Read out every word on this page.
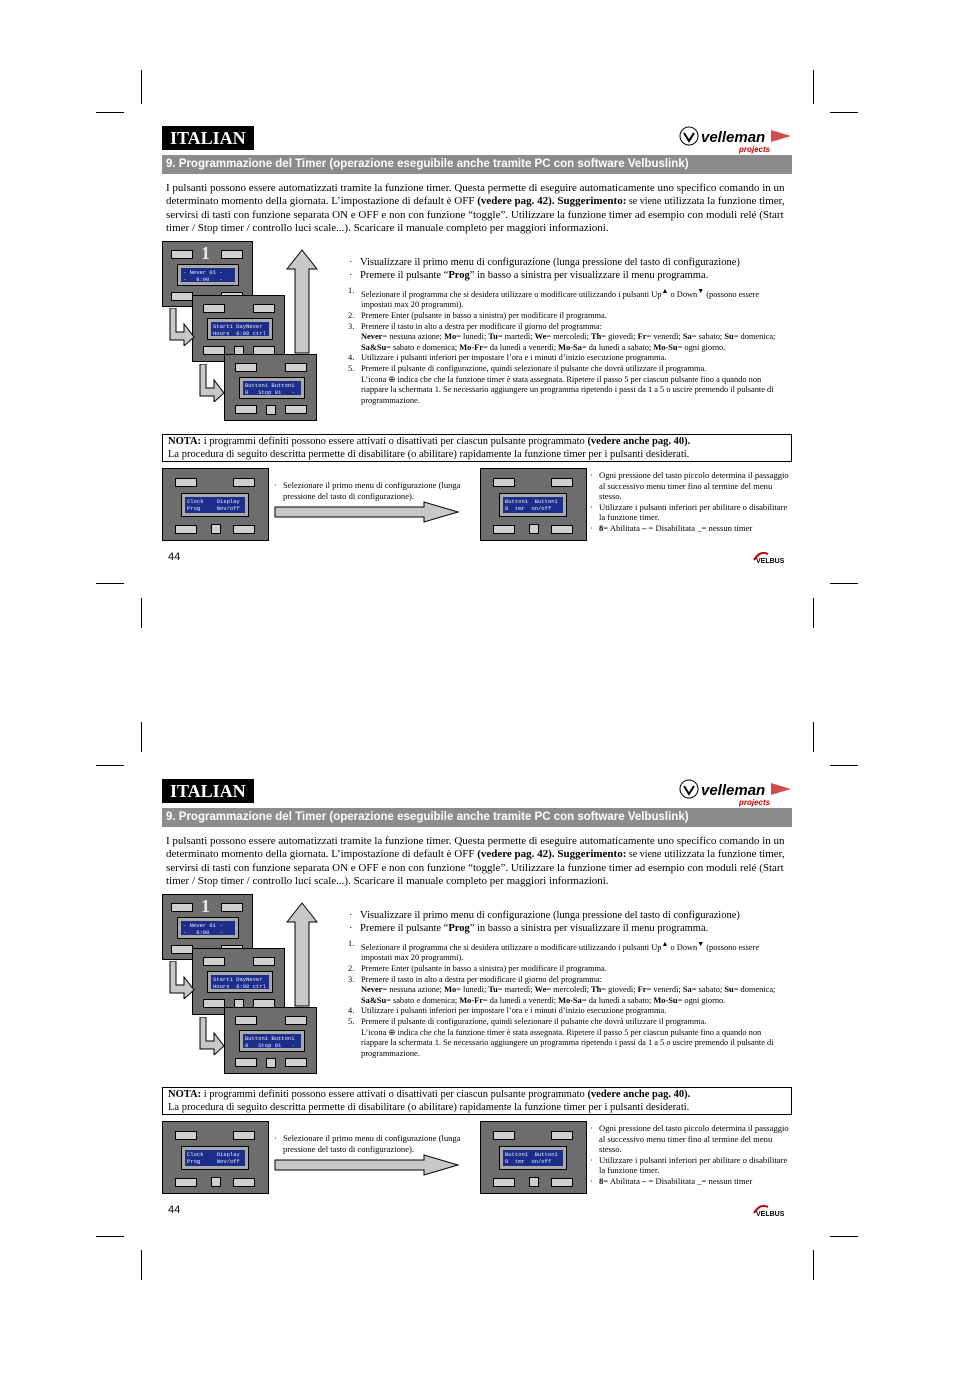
ITALIAN	velleman
projects
9. Programmazione del Timer (operazione eseguibile anche tramite PC con software Velbuslink)
I pulsanti possono essere automatizzati tramite la funzione timer. Questa permette di eseguire automaticamente uno specifico comando in un determinato momento della giornata. L’impostazione di default è OFF (vedere pag. 42). Suggerimento: se viene utilizzata la funzione timer, servirsi di tasti con funzione separata ON e OFF e non con funzione “toggle”. Utilizzare la funzione timer ad esempio con moduli relé (Start timer / Stop timer / controllo luci scale...). Scaricare il manuale completo per maggiori informazioni.
1
- Never 01 -
-   8:00   -
Start1 DayNever
Hours  8:00 ctrl
Button1 Button1
8   Stop 01   -
· Visualizzare il primo menu di configurazione (lunga pressione del tasto di configurazione)
· Premere il pulsante “Prog” in basso a sinistra per visualizzare il menu programma.
1. Selezionare il programma che si desidera utilizzare o modificare utilizzando i pulsanti Up▲ o Down▼ (possono essere impostati max 20 programmi).
2. Premere Enter (pulsante in basso a sinistra) per modificare il programma.
3. Premere il tasto in alto a destra per modificare il giorno del programma:
Never= nessuna azione; Mo= lunedì; Tu= martedì; We= mercoledì; Th= giovedì; Fr= venerdì; Sa= sabato; Su= domenica; Sa&Su= sabato e domenica; Mo-Fr= da lunedì a venerdì; Mo-Sa= da lunedì a sabato; Mo-Su= ogni giorno.
4. Utilizzare i pulsanti inferiori per impostare l’ora e i minuti d’inizio esecuzione programma.
5. Premere il pulsante di configurazione, quindi selezionare il pulsante che dovrà utilizzare il programma.
L’icona ⊕ indica che che la funzione timer è stata assegnata. Ripetere il passo 5 per ciascun pulsante fino a quando non riappare la schermata 1. Se necessario aggiungere un programma ripetendo i passi da 1 a 5 o uscire premendo il pulsante di programmazione.
NOTA: i programmi definiti possono essere attivati o disattivati per ciascun pulsante programmato (vedere anche pag. 40).
La procedura di seguito descritta permette di disabilitare (o abilitare) rapidamente la funzione timer per i pulsanti desiderati.
Clock    Display
Prog     Nov/off
· Selezionare il primo menu di configurazione (lunga pressione del tasto di configurazione).
Button1  Button1
8  tmr  on/off
· Ogni pressione del tasto piccolo determina il passaggio al successivo menu timer fino al termine del menu stesso.
· Utilizzare i pulsanti inferiori per abilitare o disabilitare la funzione timer.
· 8= Abilitata – = Disabilitata _= nessun timer
44	VELBUS
ITALIAN	velleman
projects
9. Programmazione del Timer (operazione eseguibile anche tramite PC con software Velbuslink)
I pulsanti possono essere automatizzati tramite la funzione timer. Questa permette di eseguire automaticamente uno specifico comando in un determinato momento della giornata. L’impostazione di default è OFF (vedere pag. 42). Suggerimento: se viene utilizzata la funzione timer, servirsi di tasti con funzione separata ON e OFF e non con funzione “toggle”. Utilizzare la funzione timer ad esempio con moduli relé (Start timer / Stop timer / controllo luci scale...). Scaricare il manuale completo per maggiori informazioni.
1
- Never 01 -
-   8:00   -
Start1 DayNever
Hours  8:00 ctrl
Button1 Button1
8   Stop 01   -
· Visualizzare il primo menu di configurazione (lunga pressione del tasto di configurazione)
· Premere il pulsante “Prog” in basso a sinistra per visualizzare il menu programma.
1. Selezionare il programma che si desidera utilizzare o modificare utilizzando i pulsanti Up▲ o Down▼ (possono essere impostati max 20 programmi).
2. Premere Enter (pulsante in basso a sinistra) per modificare il programma.
3. Premere il tasto in alto a destra per modificare il giorno del programma:
Never= nessuna azione; Mo= lunedì; Tu= martedì; We= mercoledì; Th= giovedì; Fr= venerdì; Sa= sabato; Su= domenica; Sa&Su= sabato e domenica; Mo-Fr= da lunedì a venerdì; Mo-Sa= da lunedì a sabato; Mo-Su= ogni giorno.
4. Utilizzare i pulsanti inferiori per impostare l’ora e i minuti d’inizio esecuzione programma.
5. Premere il pulsante di configurazione, quindi selezionare il pulsante che dovrà utilizzare il programma.
L’icona ⊕ indica che che la funzione timer è stata assegnata. Ripetere il passo 5 per ciascun pulsante fino a quando non riappare la schermata 1. Se necessario aggiungere un programma ripetendo i passi da 1 a 5 o uscire premendo il pulsante di programmazione.
NOTA: i programmi definiti possono essere attivati o disattivati per ciascun pulsante programmato (vedere anche pag. 40).
La procedura di seguito descritta permette di disabilitare (o abilitare) rapidamente la funzione timer per i pulsanti desiderati.
Clock    Display
Prog     Nov/off
· Selezionare il primo menu di configurazione (lunga pressione del tasto di configurazione).
Button1  Button1
8  tmr  on/off
· Ogni pressione del tasto piccolo determina il passaggio al successivo menu timer fino al termine del menu stesso.
· Utilizzare i pulsanti inferiori per abilitare o disabilitare la funzione timer.
· 8= Abilitata – = Disabilitata _= nessun timer
44	VELBUS
